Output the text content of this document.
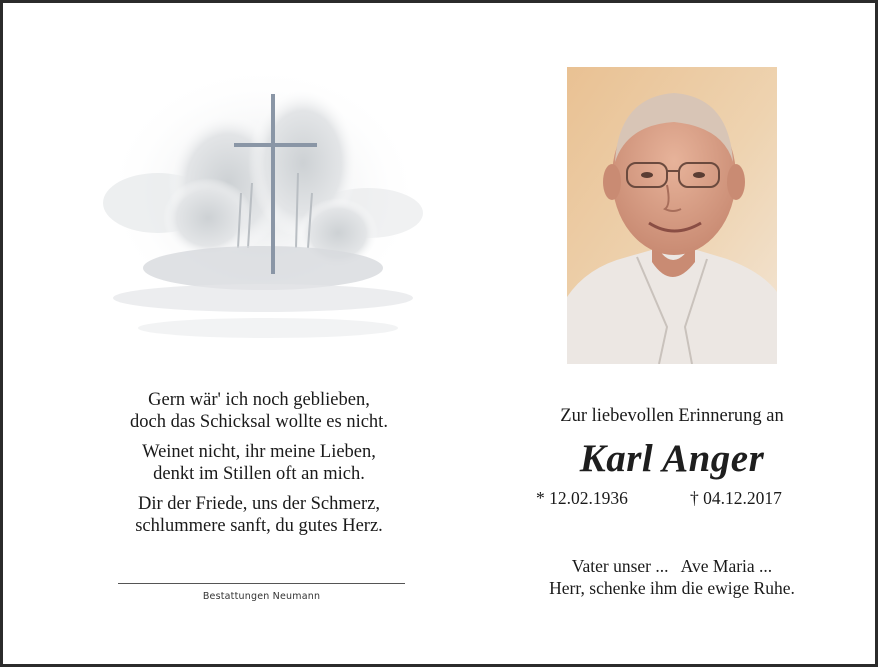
Gern wär' ich noch geblieben,
doch das Schicksal wollte es nicht.
Weinet nicht, ihr meine Lieben,
denkt im Stillen oft an mich.
Dir der Friede, uns der Schmerz,
schlummere sanft, du gutes Herz.
Bestattungen Neumann
Zur liebevollen Erinnerung an
Karl Anger
* 12.02.1936	† 04.12.2017
Vater unser ...   Ave Maria ...
Herr, schenke ihm die ewige Ruhe.
